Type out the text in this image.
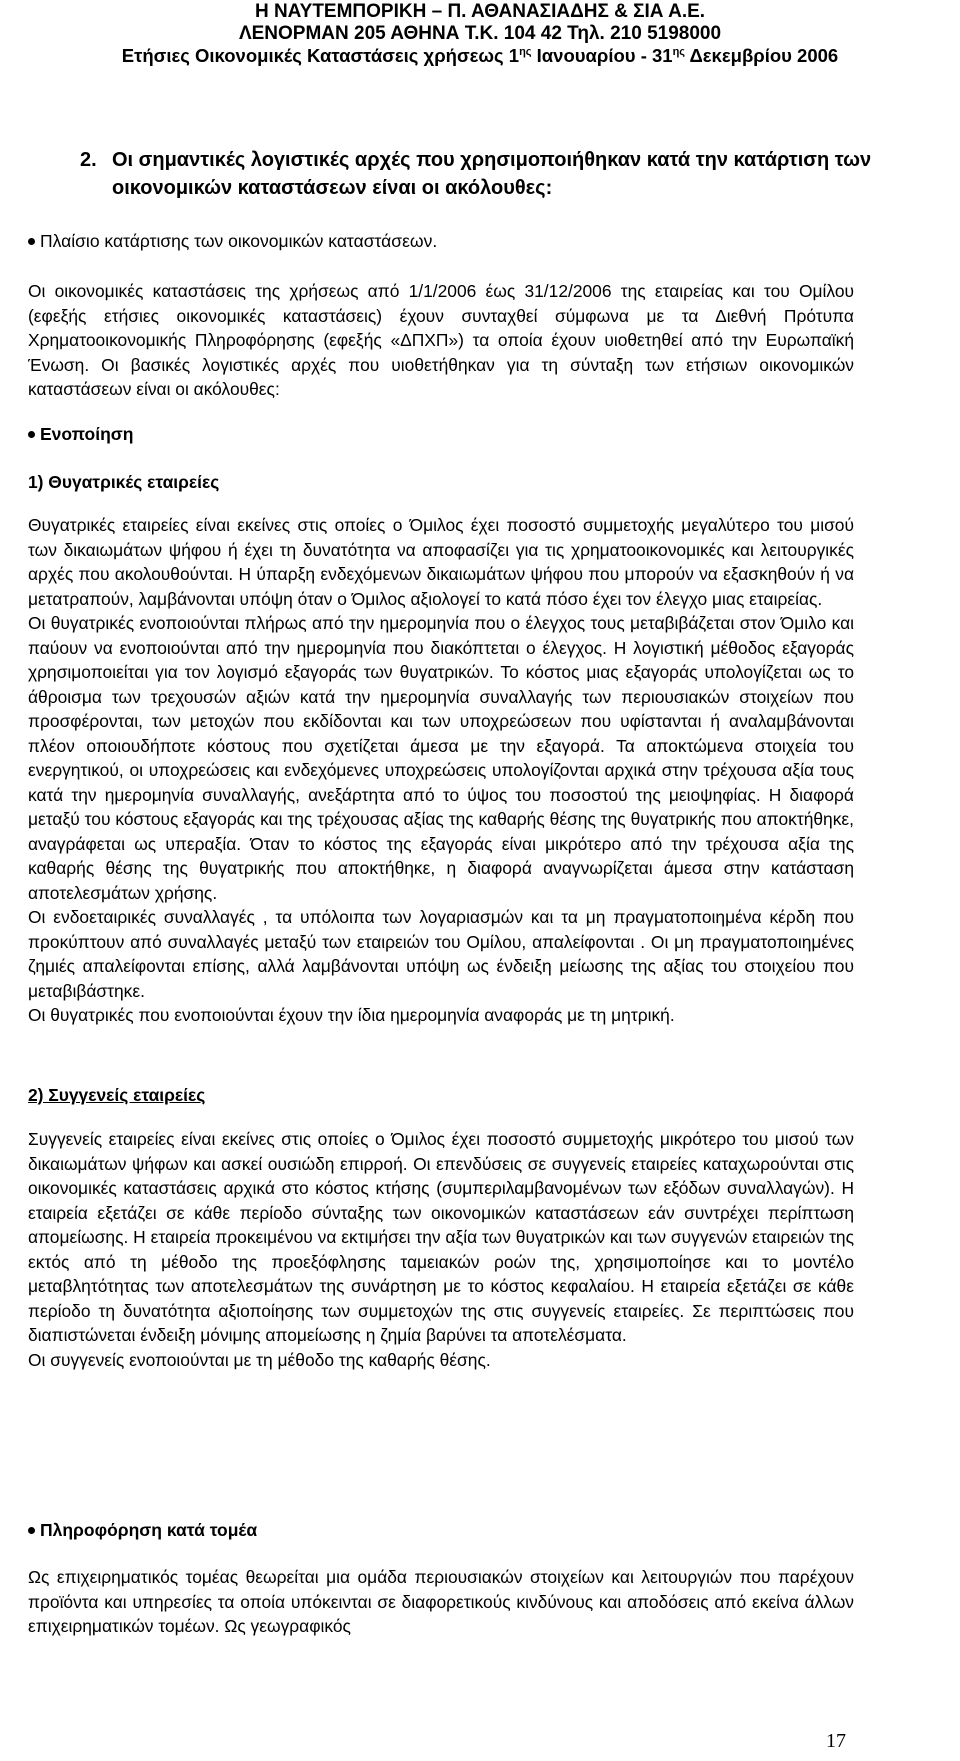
Η ΝΑΥΤΕΜΠΟΡΙΚΗ – Π. ΑΘΑΝΑΣΙΑΔΗΣ & ΣΙΑ Α.Ε.
ΛΕΝΟΡΜΑΝ 205 ΑΘΗΝΑ Τ.Κ. 104 42 Τηλ. 210 5198000
Ετήσιες Οικονομικές Καταστάσεις χρήσεως $1^{\eta\varsigma}$ Ιανουαρίου - $31^{\eta\varsigma}$ Δεκεμβρίου 2006
2. Οι σημαντικές λογιστικές αρχές που χρησιμοποιήθηκαν κατά την κατάρτιση των οικονομικών καταστάσεων είναι οι ακόλουθες:
Πλαίσιο κατάρτισης των οικονομικών καταστάσεων.

Οι οικονομικές καταστάσεις της χρήσεως από 1/1/2006 έως 31/12/2006 της εταιρείας και του Ομίλου (εφεξής ετήσιες οικονομικές καταστάσεις) έχουν συνταχθεί σύμφωνα με τα Διεθνή Πρότυπα Χρηματοοικονομικής Πληροφόρησης (εφεξής «ΔΠΧΠ») τα οποία έχουν υιοθετηθεί από την Ευρωπαϊκή Ένωση. Οι βασικές λογιστικές αρχές που υιοθετήθηκαν για τη σύνταξη των ετήσιων οικονομικών καταστάσεων είναι οι ακόλουθες:

Ενοποίηση
1) Θυγατρικές εταιρείες

Θυγατρικές εταιρείες είναι εκείνες στις οποίες ο Όμιλος έχει ποσοστό συμμετοχής μεγαλύτερο του μισού των δικαιωμάτων ψήφου ή έχει τη δυνατότητα να αποφασίζει για τις χρηματοοικονομικές και λειτουργικές αρχές που ακολουθούνται. Η ύπαρξη ενδεχόμενων δικαιωμάτων ψήφου που μπορούν να εξασκηθούν ή να μετατραπούν, λαμβάνονται υπόψη όταν ο Όμιλος αξιολογεί το κατά πόσο έχει τον έλεγχο μιας εταιρείας.

Οι θυγατρικές ενοποιούνται πλήρως από την ημερομηνία που ο έλεγχος τους μεταβιβάζεται στον Όμιλο και παύουν να ενοποιούνται από την ημερομηνία που διακόπτεται ο έλεγχος. Η λογιστική μέθοδος εξαγοράς χρησιμοποιείται για τον λογισμό εξαγοράς των θυγατρικών. Το κόστος μιας εξαγοράς υπολογίζεται ως το άθροισμα των τρεχουσών αξιών κατά την ημερομηνία συναλλαγής των περιουσιακών στοιχείων που προσφέρονται, των μετοχών που εκδίδονται και των υποχρεώσεων που υφίστανται ή αναλαμβάνονται πλέον οποιουδήποτε κόστους που σχετίζεται άμεσα με την εξαγορά. Τα αποκτώμενα στοιχεία του ενεργητικού, οι υποχρεώσεις και ενδεχόμενες υποχρεώσεις υπολογίζονται αρχικά στην τρέχουσα αξία τους κατά την ημερομηνία συναλλαγής, ανεξάρτητα από το ύψος του ποσοστού της μειοψηφίας. Η διαφορά μεταξύ του κόστους εξαγοράς και της τρέχουσας αξίας της καθαρής θέσης της θυγατρικής που αποκτήθηκε, αναγράφεται ως υπεραξία. Όταν το κόστος της εξαγοράς είναι μικρότερο από την τρέχουσα αξία της καθαρής θέσης της θυγατρικής που αποκτήθηκε, η διαφορά αναγνωρίζεται άμεσα στην κατάσταση αποτελεσμάτων χρήσης.

Οι ενδοεταιρικές συναλλαγές , τα υπόλοιπα των λογαριασμών και τα μη πραγματοποιημένα κέρδη που προκύπτουν από συναλλαγές μεταξύ των εταιρειών του Ομίλου, απαλείφονται . Οι μη πραγματοποιημένες ζημιές απαλείφονται επίσης, αλλά λαμβάνονται υπόψη ως ένδειξη μείωσης της αξίας του στοιχείου που μεταβιβάστηκε.

Οι θυγατρικές που ενοποιούνται έχουν την ίδια ημερομηνία αναφοράς με τη μητρική.

2) Συγγενείς εταιρείες

Συγγενείς εταιρείες είναι εκείνες στις οποίες ο Όμιλος έχει ποσοστό συμμετοχής μικρότερο του μισού των δικαιωμάτων ψήφων και ασκεί ουσιώδη επιρροή. Οι επενδύσεις σε συγγενείς εταιρείες καταχωρούνται στις οικονομικές καταστάσεις αρχικά στο κόστος κτήσης (συμπεριλαμβανομένων των εξόδων συναλλαγών). Η εταιρεία εξετάζει σε κάθε περίοδο σύνταξης των οικονομικών καταστάσεων εάν συντρέχει περίπτωση απομείωσης. Η εταιρεία προκειμένου να εκτιμήσει την αξία των θυγατρικών και των συγγενών εταιρειών της εκτός από τη μέθοδο της προεξόφλησης ταμειακών ροών της, χρησιμοποίησε και το μοντέλο μεταβλητότητας των αποτελεσμάτων της συνάρτηση με το κόστος κεφαλαίου. Η εταιρεία εξετάζει σε κάθε περίοδο τη δυνατότητα αξιοποίησης των συμμετοχών της στις συγγενείς εταιρείες. Σε περιπτώσεις που διαπιστώνεται ένδειξη μόνιμης απομείωσης η ζημία βαρύνει τα αποτελέσματα.

Οι συγγενείς ενοποιούνται με τη μέθοδο της καθαρής θέσης.

Πληροφόρηση κατά τομέα

Ως επιχειρηματικός τομέας θεωρείται μια ομάδα περιουσιακών στοιχείων και λειτουργιών που παρέχουν προϊόντα και υπηρεσίες τα οποία υπόκεινται σε διαφορετικούς κινδύνους και αποδόσεις από εκείνα άλλων επιχειρηματικών τομέων. Ως γεωγραφικός

17
